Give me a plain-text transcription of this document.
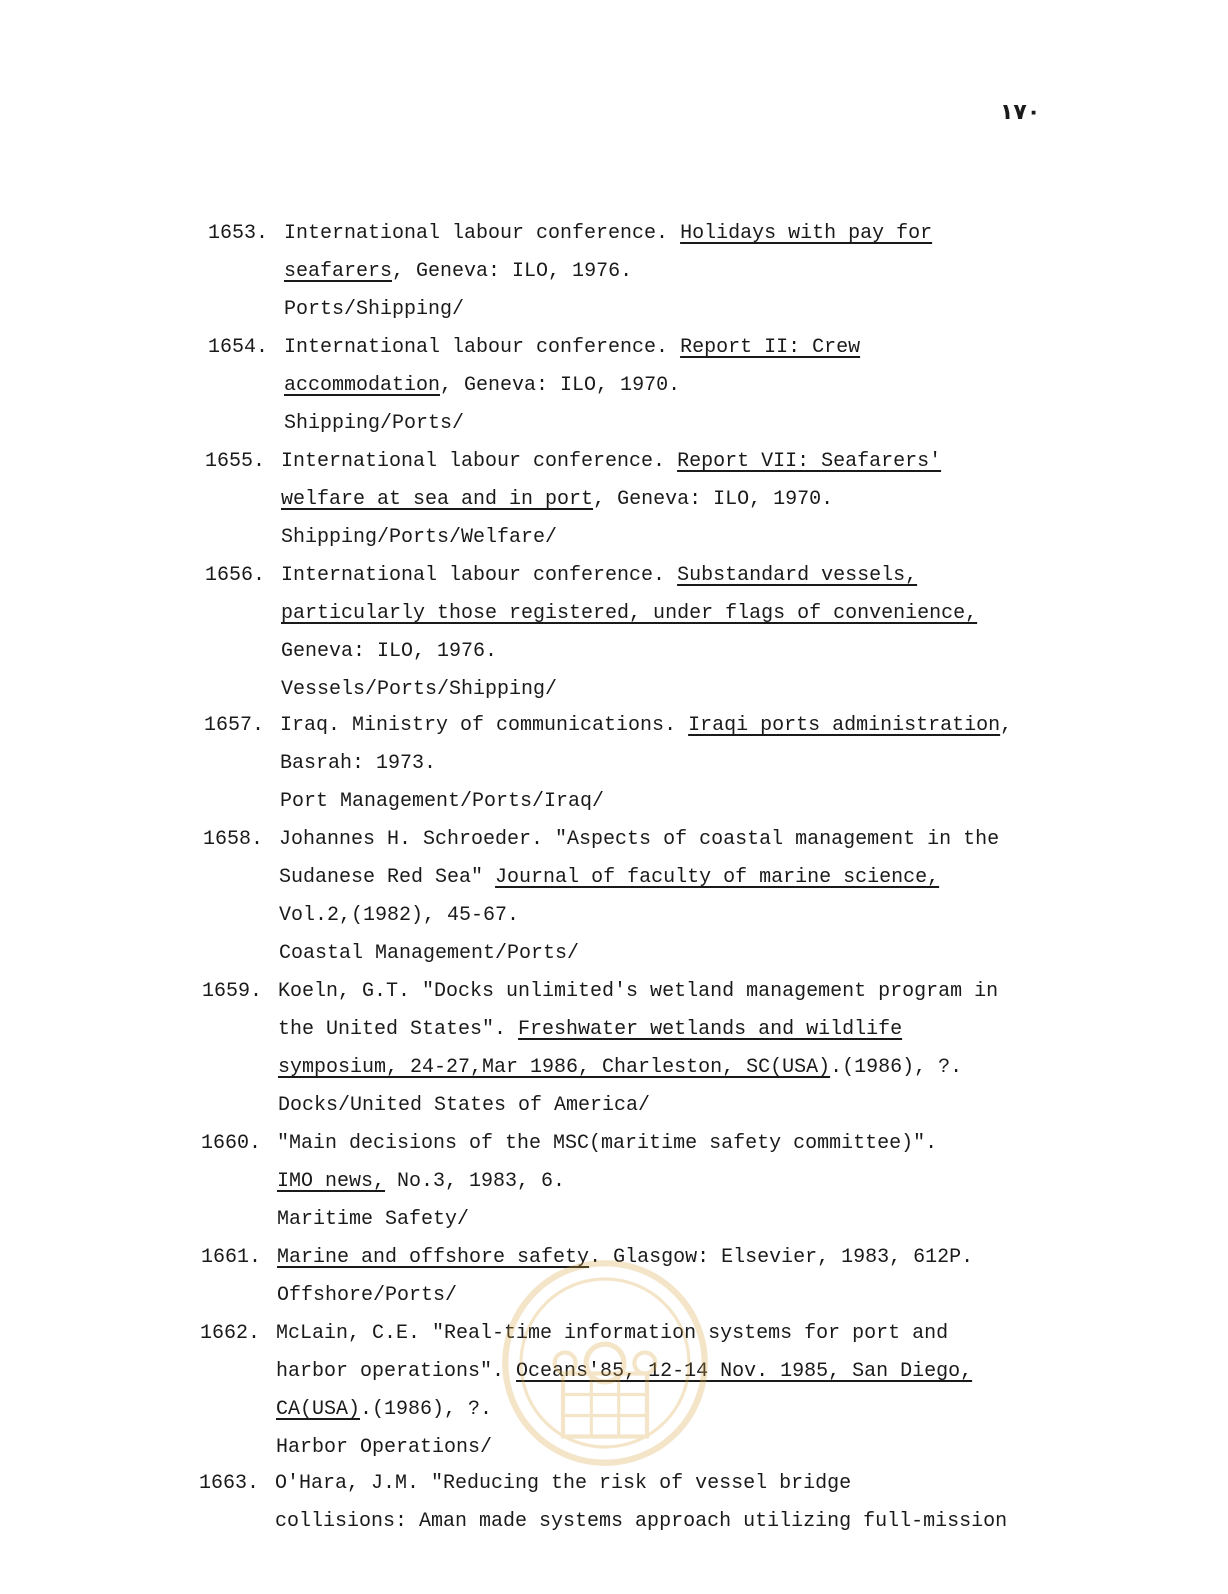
۱۷۰
1653. International labour conference. Holidays with pay for
seafarers, Geneva: ILO, 1976.
Ports/Shipping/
1654. International labour conference. Report II: Crew
accommodation, Geneva: ILO, 1970.
Shipping/Ports/
1655. International labour conference. Report VII: Seafarers'
welfare at sea and in port, Geneva: ILO, 1970.
Shipping/Ports/Welfare/
1656. International labour conference. Substandard vessels,
particularly those registered, under flags of convenience,
Geneva: ILO, 1976.
Vessels/Ports/Shipping/
1657. Iraq. Ministry of communications. Iraqi ports administration,
Basrah: 1973.
Port Management/Ports/Iraq/
1658. Johannes H. Schroeder. "Aspects of coastal management in the
Sudanese Red Sea" Journal of faculty of marine science,
Vol.2,(1982), 45-67.
Coastal Management/Ports/
1659. Koeln, G.T. "Docks unlimited's wetland management program in
the United States". Freshwater wetlands and wildlife
symposium, 24-27,Mar 1986, Charleston, SC(USA).(1986), ?.
Docks/United States of America/
1660. "Main decisions of the MSC(maritime safety committee)".
IMO news, No.3, 1983, 6.
Maritime Safety/
1661. Marine and offshore safety. Glasgow: Elsevier, 1983, 612P.
Offshore/Ports/
1662. McLain, C.E. "Real-time information systems for port and
harbor operations". Oceans'85, 12-14 Nov. 1985, San Diego,
CA(USA).(1986), ?.
Harbor Operations/
1663. O'Hara, J.M. "Reducing the risk of vessel bridge
collisions: Aman made systems approach utilizing full-mission
